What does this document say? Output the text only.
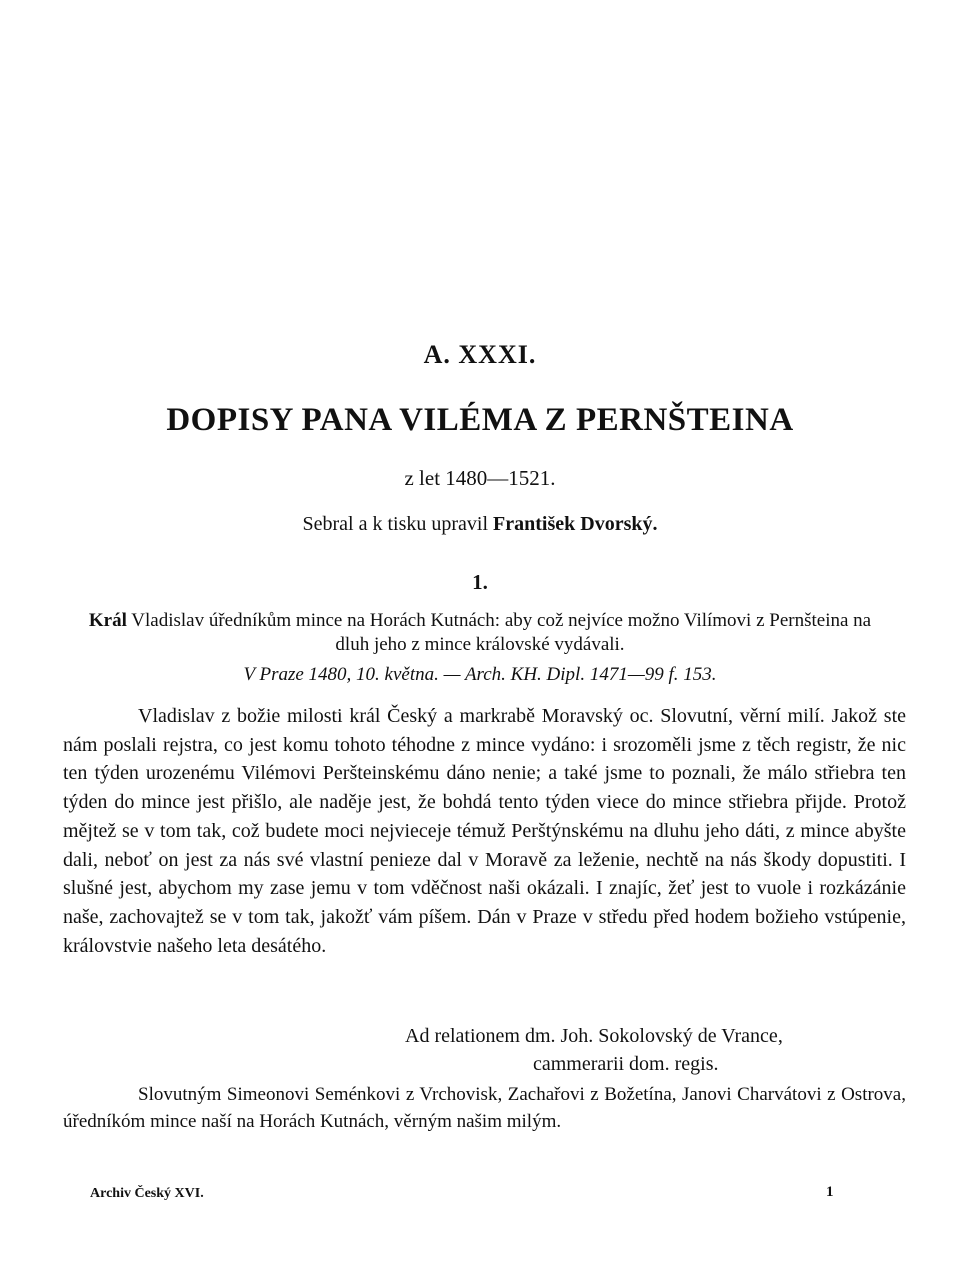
A. XXXI.
DOPISY PANA VILÉMA Z PERNŠTEINA
z let 1480—1521.
Sebral a k tisku upravil František Dvorský.
1.
Král Vladislav úředníkům mince na Horách Kutnách: aby což nejvíce možno Vilímovi z Pernšteina na dluh jeho z mince královské vydávali.
V Praze 1480, 10. května. — Arch. KH. Dipl. 1471—99 f. 153.

Vladislav z božie milosti král Český a markrabě Moravský oc. Slovutní, věrní milí. Jakož ste nám poslali rejstra, co jest komu tohoto téhodne z mince vydáno: i srozoměli jsme z těch registr, že nic ten týden urozenému Vilémovi Peršteinskému dáno nenie; a také jsme to poznali, že málo střiebra ten týden do mince jest přišlo, ale naděje jest, že bohdá tento týden viece do mince střiebra přijde. Protož mějtež se v tom tak, což budete moci nejvieceje témuž Perštýnskému na dluhu jeho dáti, z mince abyšte dali, neboť on jest za nás své vlastní penieze dal v Moravě za leženie, nechtě na nás škody dopustiti. I slušné jest, abychom my zase jemu v tom vděčnost naši okázali. I znajíc, žeť jest to vuole i rozkázánie naše, zachovajtež se v tom tak, jakožť vám píšem. Dán v Praze v středu před hodem božieho vstúpenie, královstvie našeho leta desátého.

Ad relationem dm. Joh. Sokolovský de Vrance,
cammerarii dom. regis.

Slovutným Simeonovi Seménkovi z Vrchovisk, Zachařovi z Božetína, Janovi Charvátovi z Ostrova, úředníkóm mince naší na Horách Kutnách, věrným našim milým.

Archiv Český XVI.	1
